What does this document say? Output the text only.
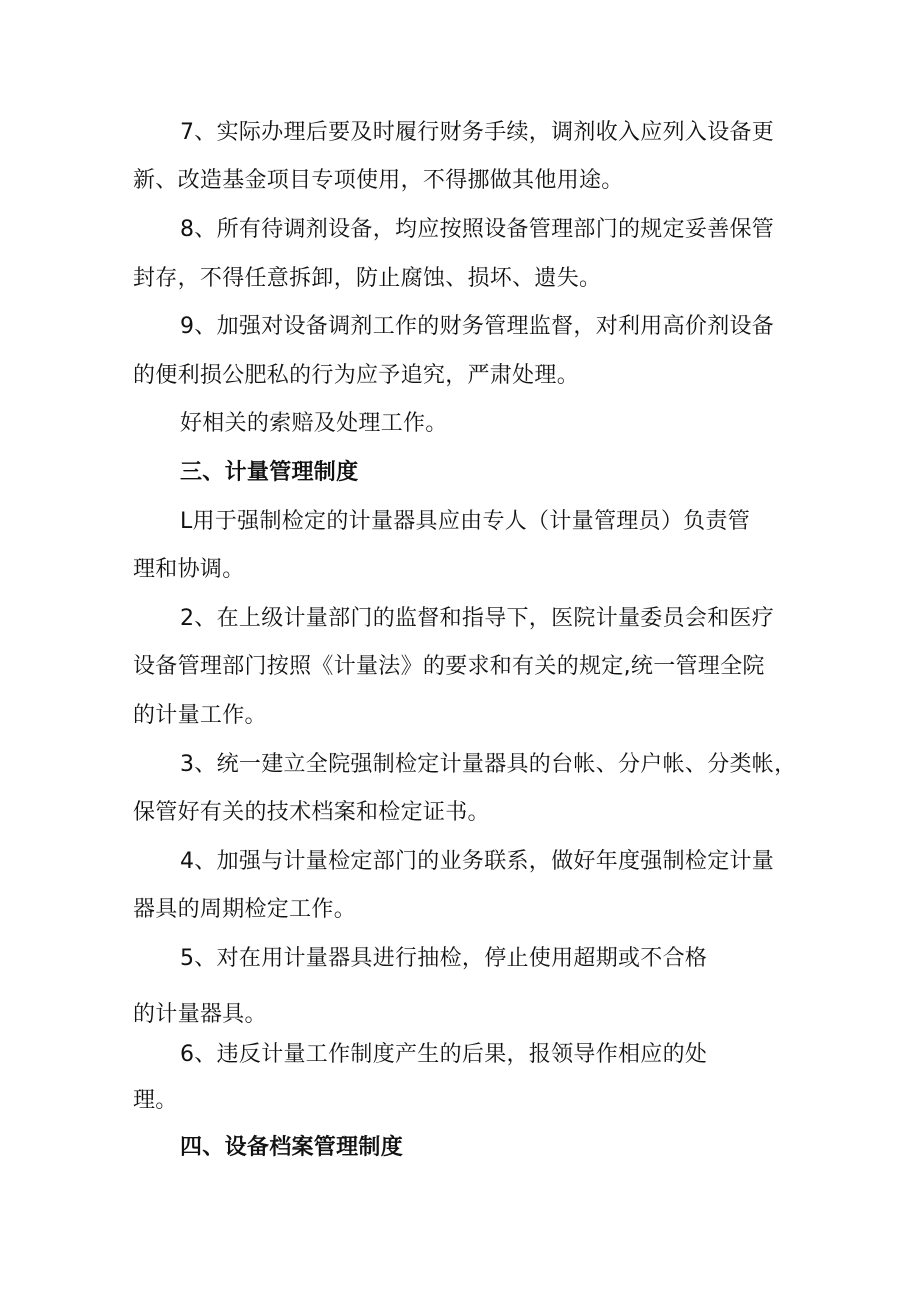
7、实际办理后要及时履行财务手续，调剂收入应列入设备更
新、改造基金项目专项使用，不得挪做其他用途。
8、所有待调剂设备，均应按照设备管理部门的规定妥善保管
封存，不得任意拆卸，防止腐蚀、损坏、遗失。
9、加强对设备调剂工作的财务管理监督，对利用高价剂设备
的便利损公肥私的行为应予追究，严肃处理。
好相关的索赔及处理工作。
三、计量管理制度
L用于强制检定的计量器具应由专人（计量管理员）负责管
理和协调。
2、在上级计量部门的监督和指导下，医院计量委员会和医疗
设备管理部门按照《计量法》的要求和有关的规定,统一管理全院
的计量工作。
3、统一建立全院强制检定计量器具的台帐、分户帐、分类帐，
保管好有关的技术档案和检定证书。
4、加强与计量检定部门的业务联系，做好年度强制检定计量
器具的周期检定工作。
5、对在用计量器具进行抽检，停止使用超期或不合格
的计量器具。
6、违反计量工作制度产生的后果，报领导作相应的处
理。
四、设备档案管理制度
